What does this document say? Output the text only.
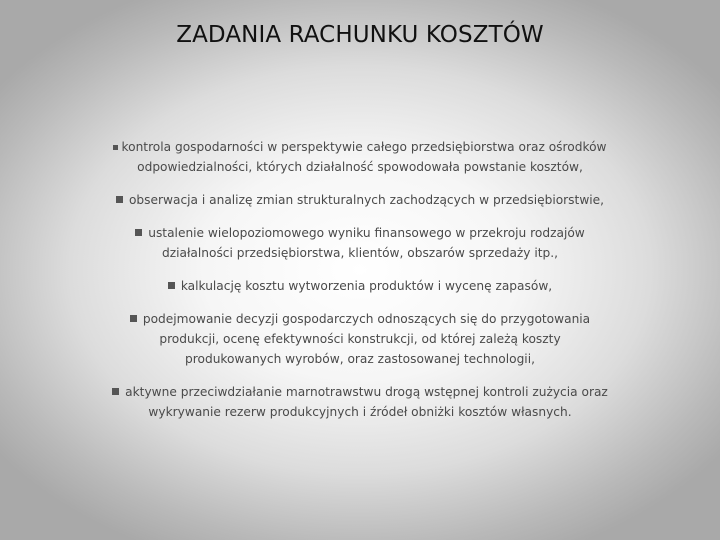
ZADANIA RACHUNKU KOSZTÓW
kontrola gospodarności w perspektywie całego przedsiębiorstwa oraz ośrodków odpowiedzialności, których działalność spowodowała powstanie kosztów,
obserwacja i analizę zmian strukturalnych zachodzących w przedsiębiorstwie,
ustalenie wielopoziomowego wyniku finansowego w przekroju rodzajów działalności przedsiębiorstwa, klientów, obszarów sprzedaży itp.,
kalkulację kosztu wytworzenia produktów i wycenę zapasów,
podejmowanie decyzji gospodarczych odnoszących się do przygotowania produkcji, ocenę efektywności konstrukcji, od której zależą koszty produkowanych wyrobów, oraz zastosowanej technologii,
aktywne przeciwdziałanie marnotrawstwu drogą wstępnej kontroli zużycia oraz wykrywanie rezerw produkcyjnych i źródeł obniżki kosztów własnych.
